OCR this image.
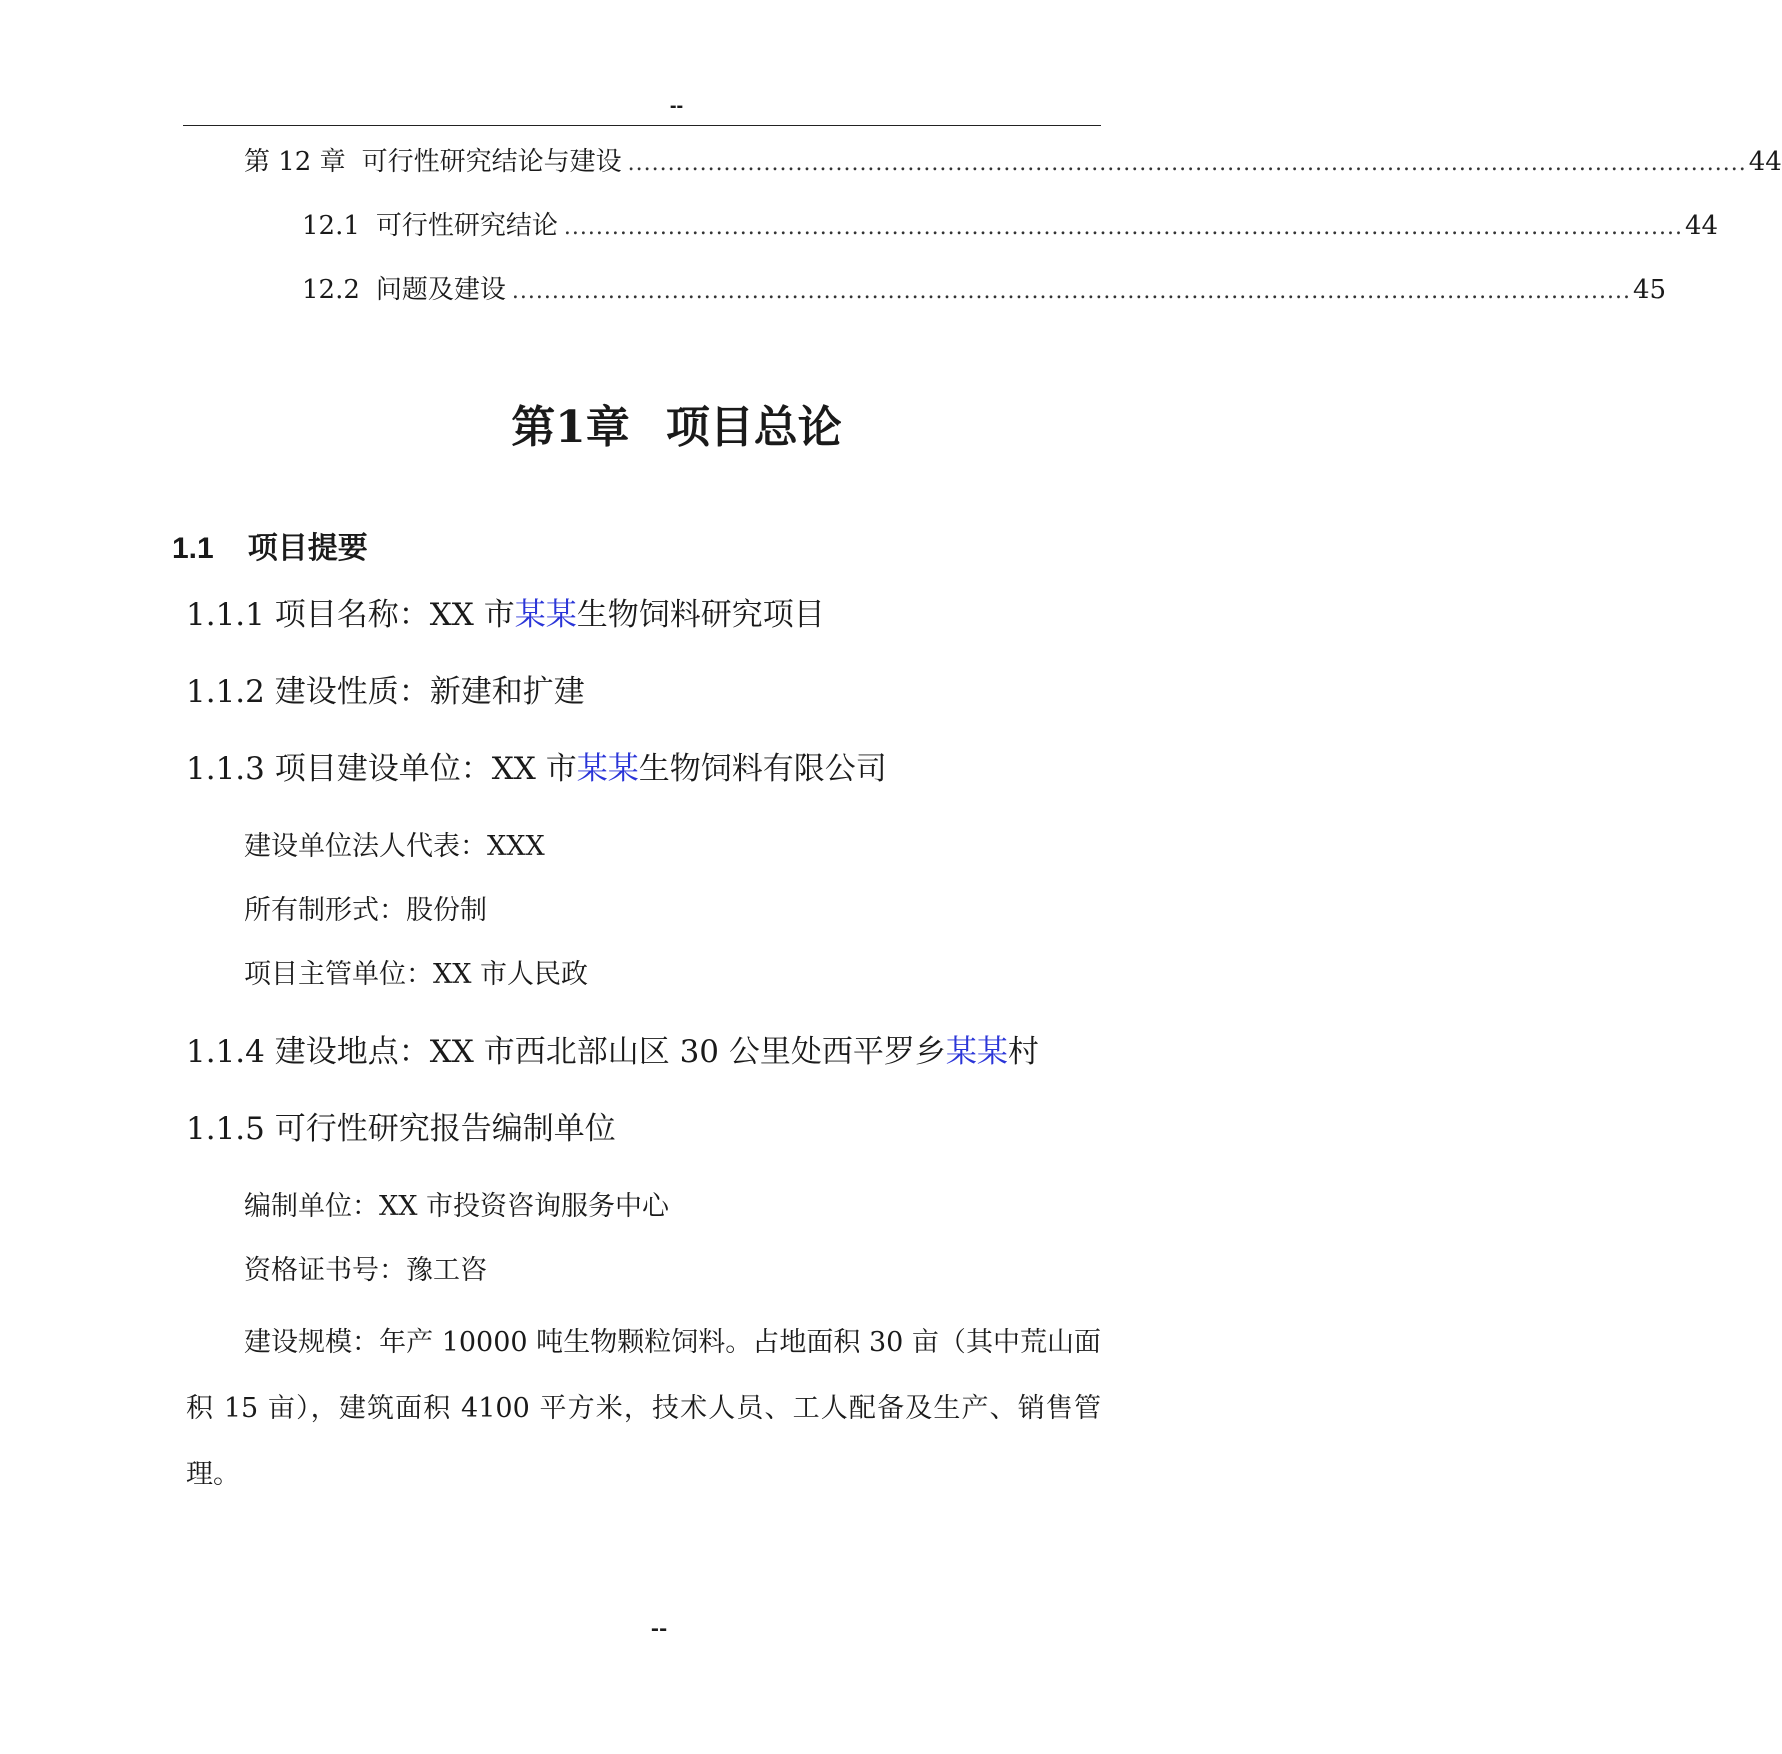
--
第 12 章 可行性研究结论与建设 ............................................................................................................................................ 44
12.1 可行性研究结论 ............................................................................................................................................ 44
12.2 问题及建设 ............................................................................................................................................ 45
第1章 项目总论
1.1 项目提要
1.1.1 项目名称：XX 市某某生物饲料研究项目
1.1.2 建设性质：新建和扩建
1.1.3 项目建设单位：XX 市某某生物饲料有限公司
建设单位法人代表：XXX
所有制形式：股份制
项目主管单位：XX 市人民政
1.1.4 建设地点：XX 市西北部山区 30 公里处西平罗乡某某村
1.1.5 可行性研究报告编制单位
编制单位：XX 市投资咨询服务中心
资格证书号：豫工咨
建设规模：年产 10000 吨生物颗粒饲料。占地面积 30 亩（其中荒山面积 15 亩），建筑面积 4100 平方米，技术人员、工人配备及生产、销售管理。
--
